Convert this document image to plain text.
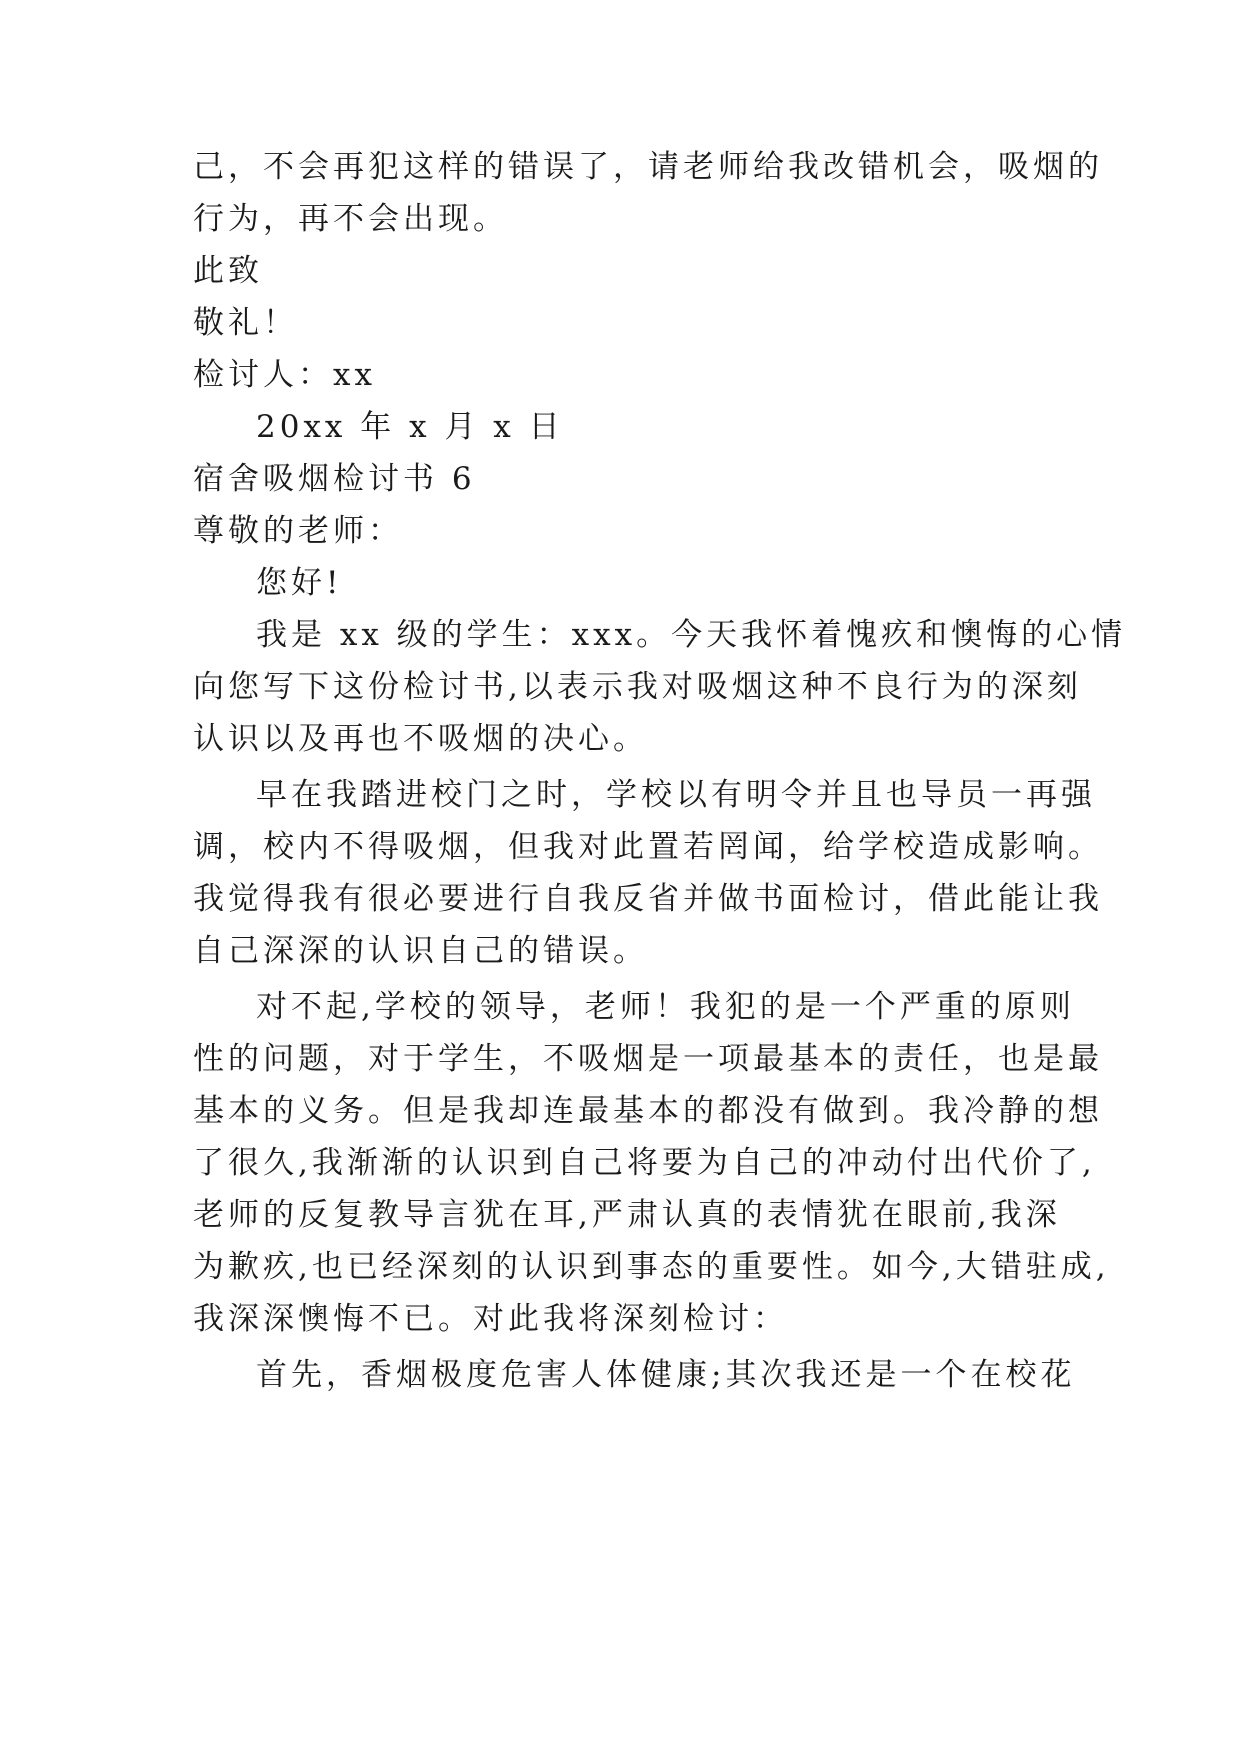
己，不会再犯这样的错误了，请老师给我改错机会，吸烟的
行为，再不会出现。
此致
敬礼！
检讨人：xx
20xx 年 x 月 x 日
宿舍吸烟检讨书 6
尊敬的老师：
您好!
我是 xx 级的学生：xxx。今天我怀着愧疚和懊悔的心情
向您写下这份检讨书,以表示我对吸烟这种不良行为的深刻
认识以及再也不吸烟的决心。
早在我踏进校门之时，学校以有明令并且也导员一再强
调，校内不得吸烟，但我对此置若罔闻，给学校造成影响。
我觉得我有很必要进行自我反省并做书面检讨，借此能让我
自己深深的认识自己的错误。
对不起,学校的领导，老师！我犯的是一个严重的原则
性的问题，对于学生，不吸烟是一项最基本的责任，也是最
基本的义务。但是我却连最基本的都没有做到。我冷静的想
了很久,我渐渐的认识到自己将要为自己的冲动付出代价了,
老师的反复教导言犹在耳,严肃认真的表情犹在眼前,我深
为歉疚,也已经深刻的认识到事态的重要性。如今,大错驻成,
我深深懊悔不已。对此我将深刻检讨：
首先，香烟极度危害人体健康;其次我还是一个在校花
